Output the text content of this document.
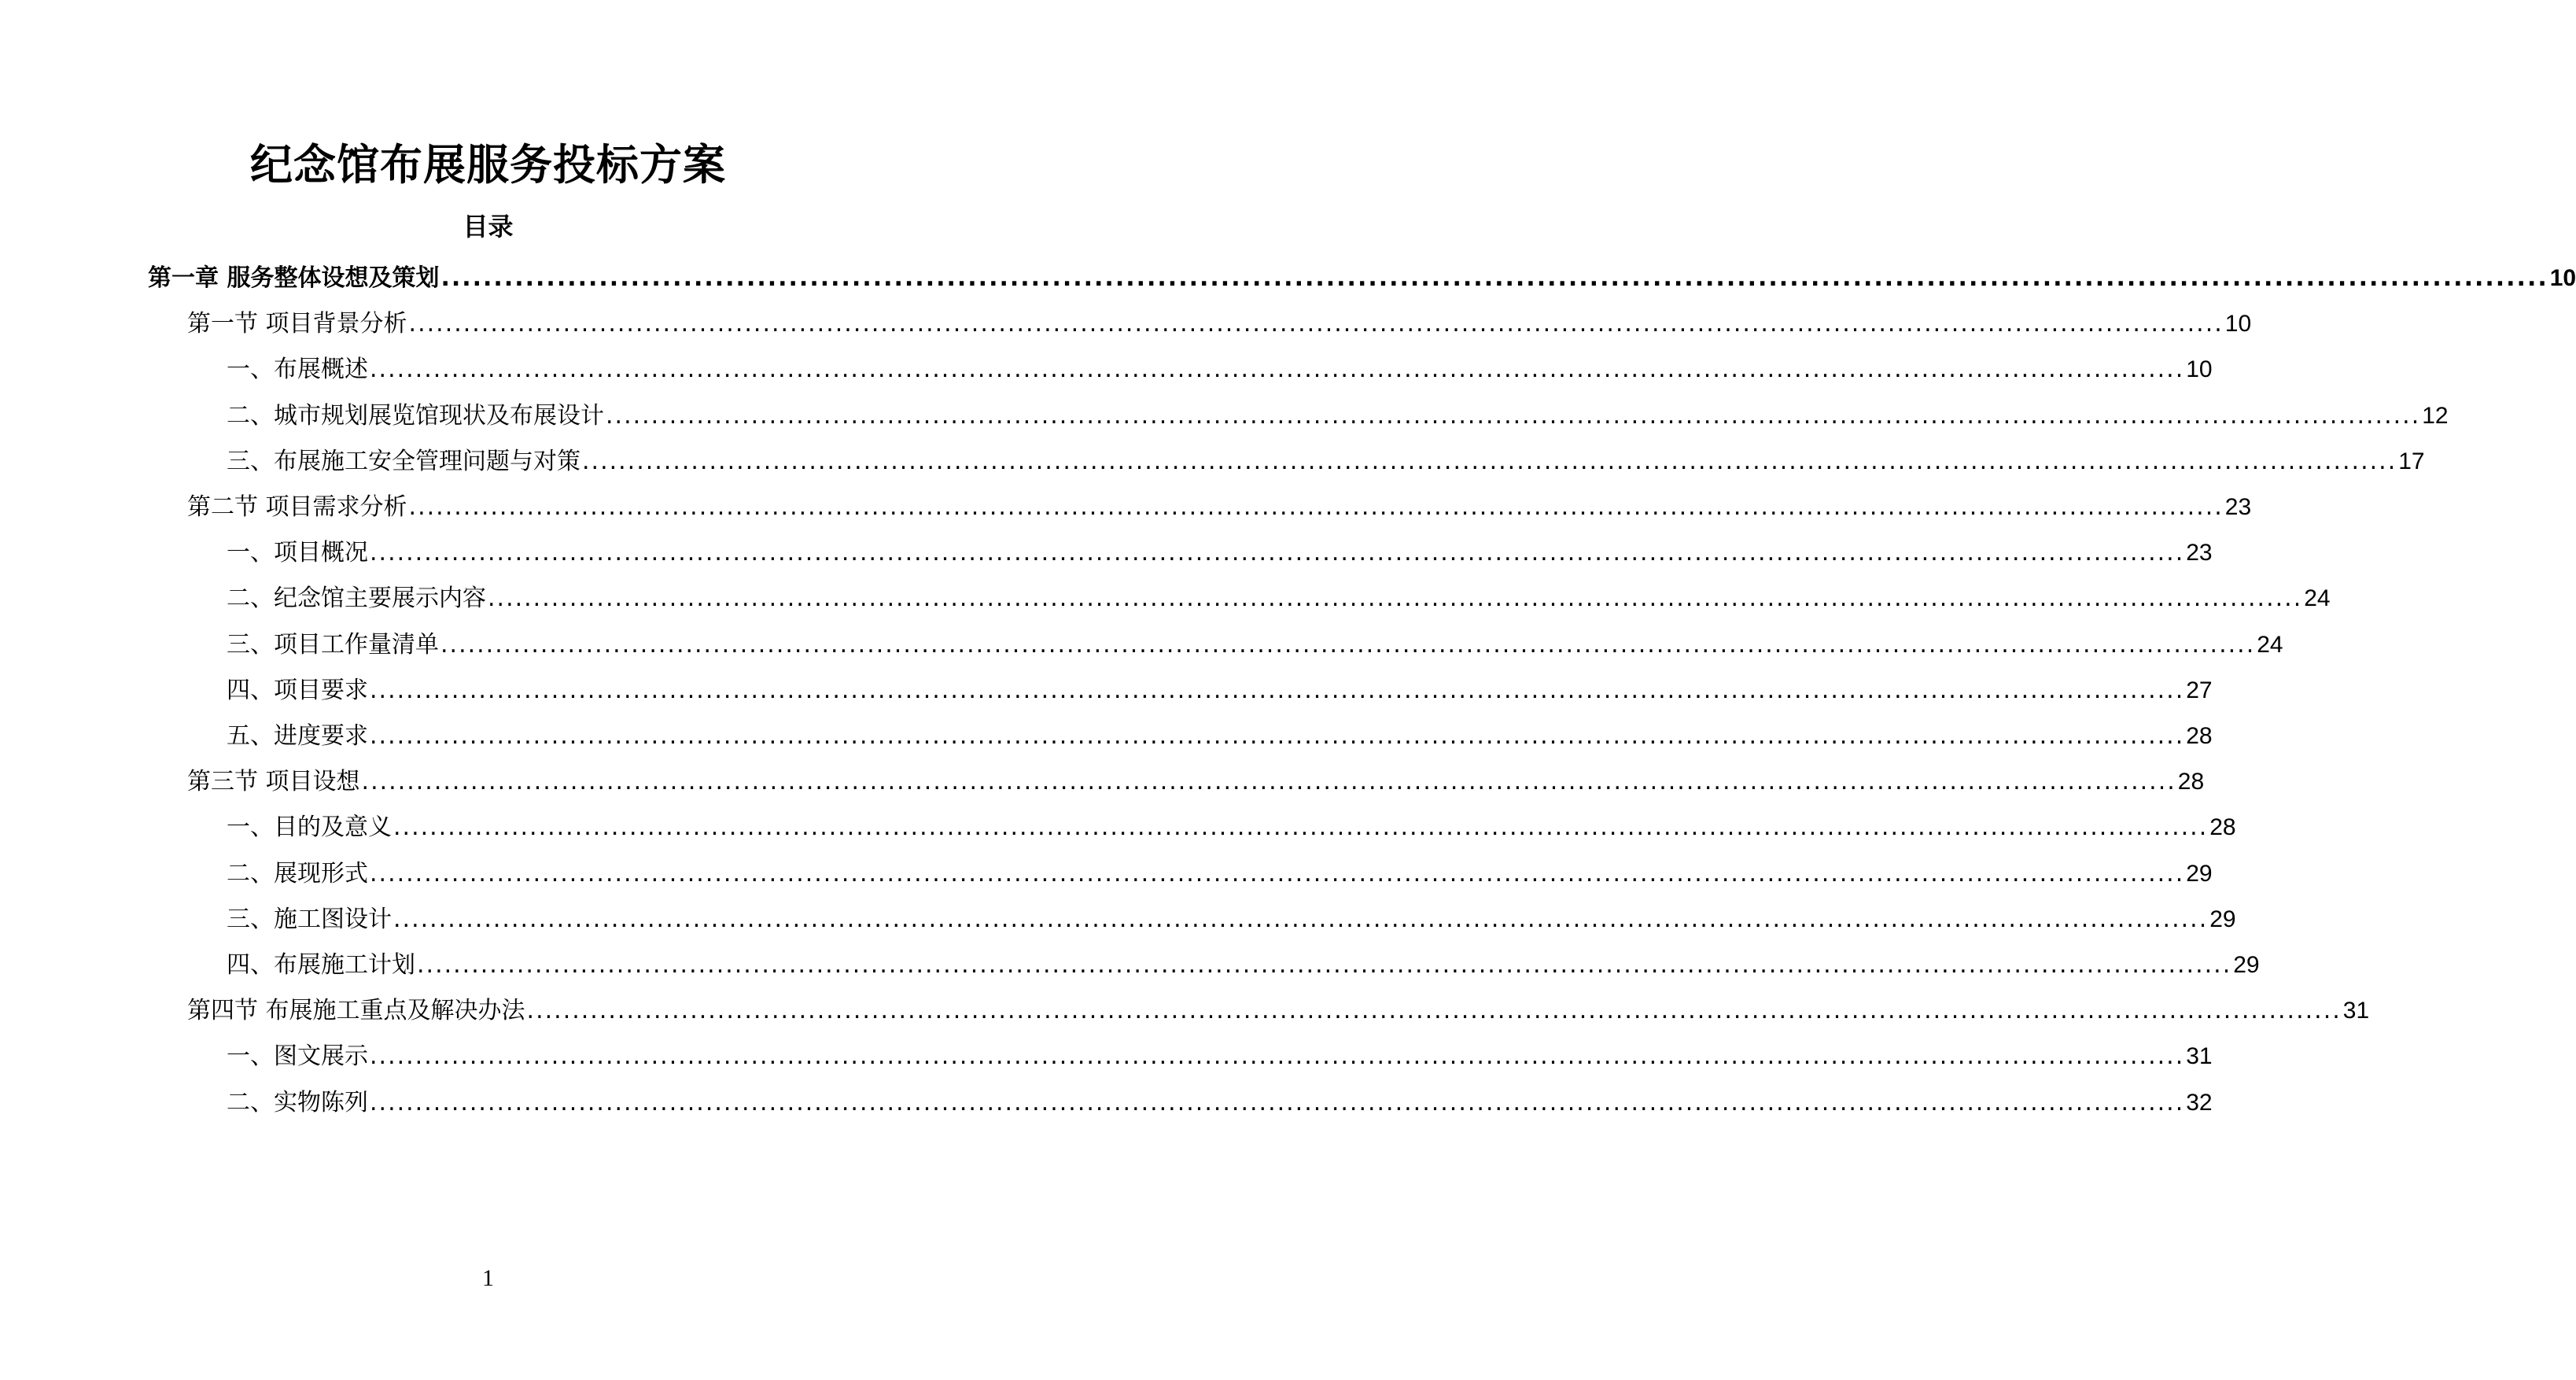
纪念馆布展服务投标方案
目录
第一章 服务整体设想及策划 ........................................................................................................................................................................................................ 10
第一节 项目背景分析 ........................................................................................................................................................................................................ 10
一、布展概述 ........................................................................................................................................................................................................ 10
二、城市规划展览馆现状及布展设计 ........................................................................................................................................................................................................ 12
三、布展施工安全管理问题与对策 ........................................................................................................................................................................................................ 17
第二节 项目需求分析 ........................................................................................................................................................................................................ 23
一、项目概况 ........................................................................................................................................................................................................ 23
二、纪念馆主要展示内容 ........................................................................................................................................................................................................ 24
三、项目工作量清单 ........................................................................................................................................................................................................ 24
四、项目要求 ........................................................................................................................................................................................................ 27
五、进度要求 ........................................................................................................................................................................................................ 28
第三节 项目设想 ........................................................................................................................................................................................................ 28
一、目的及意义 ........................................................................................................................................................................................................ 28
二、展现形式 ........................................................................................................................................................................................................ 29
三、施工图设计 ........................................................................................................................................................................................................ 29
四、布展施工计划 ........................................................................................................................................................................................................ 29
第四节 布展施工重点及解决办法 ........................................................................................................................................................................................................ 31
一、图文展示 ........................................................................................................................................................................................................ 31
二、实物陈列 ........................................................................................................................................................................................................ 32
1
